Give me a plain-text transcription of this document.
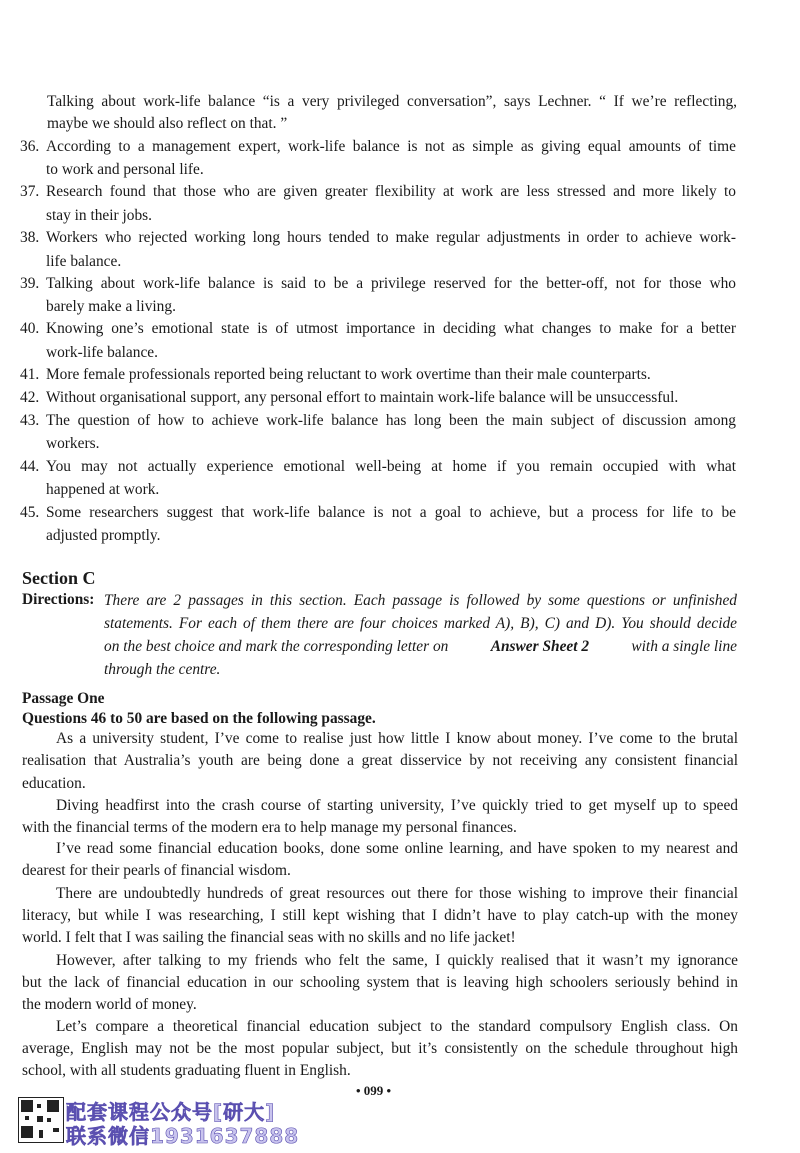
Talking about work-life balance “is a very privileged conversation”, says Lechner. “ If we’re reflecting,
maybe we should also reflect on that. ”
36. According to a management expert, work-life balance is not as simple as giving equal amounts of time
to work and personal life.
37. Research found that those who are given greater flexibility at work are less stressed and more likely to
stay in their jobs.
38. Workers who rejected working long hours tended to make regular adjustments in order to achieve work-
life balance.
39. Talking about work-life balance is said to be a privilege reserved for the better-off, not for those who
barely make a living.
40. Knowing one’s emotional state is of utmost importance in deciding what changes to make for a better
work-life balance.
41. More female professionals reported being reluctant to work overtime than their male counterparts.
42. Without organisational support, any personal effort to maintain work-life balance will be unsuccessful.
43. The question of how to achieve work-life balance has long been the main subject of discussion among
workers.
44. You may not actually experience emotional well-being at home if you remain occupied with what
happened at work.
45. Some researchers suggest that work-life balance is not a goal to achieve, but a process for life to be
adjusted promptly.
Section C
Directions: There are 2 passages in this section. Each passage is followed by some questions or unfinished
statements. For each of them there are four choices marked A), B), C) and D). You should decide
on the best choice and mark the corresponding letter on	Answer Sheet 2	with a single line
through the centre.
Passage One
Questions 46 to 50 are based on the following passage.
As a university student, I’ve come to realise just how little I know about money. I’ve come to the brutal
realisation that Australia’s youth are being done a great disservice by not receiving any consistent financial
education.
Diving headfirst into the crash course of starting university, I’ve quickly tried to get myself up to speed
with the financial terms of the modern era to help manage my personal finances.
I’ve read some financial education books, done some online learning, and have spoken to my nearest and
dearest for their pearls of financial wisdom.
There are undoubtedly hundreds of great resources out there for those wishing to improve their financial
literacy, but while I was researching, I still kept wishing that I didn’t have to play catch-up with the money
world. I felt that I was sailing the financial seas with no skills and no life jacket!
However, after talking to my friends who felt the same, I quickly realised that it wasn’t my ignorance
but the lack of financial education in our schooling system that is leaving high schoolers seriously behind in
the modern world of money.
Let’s compare a theoretical financial education subject to the standard compulsory English class. On
average, English may not be the most popular subject, but it’s consistently on the schedule throughout high
school, with all students graduating fluent in English.
• 099 •
配套课程公众号[研大]
联系微信1931637888
